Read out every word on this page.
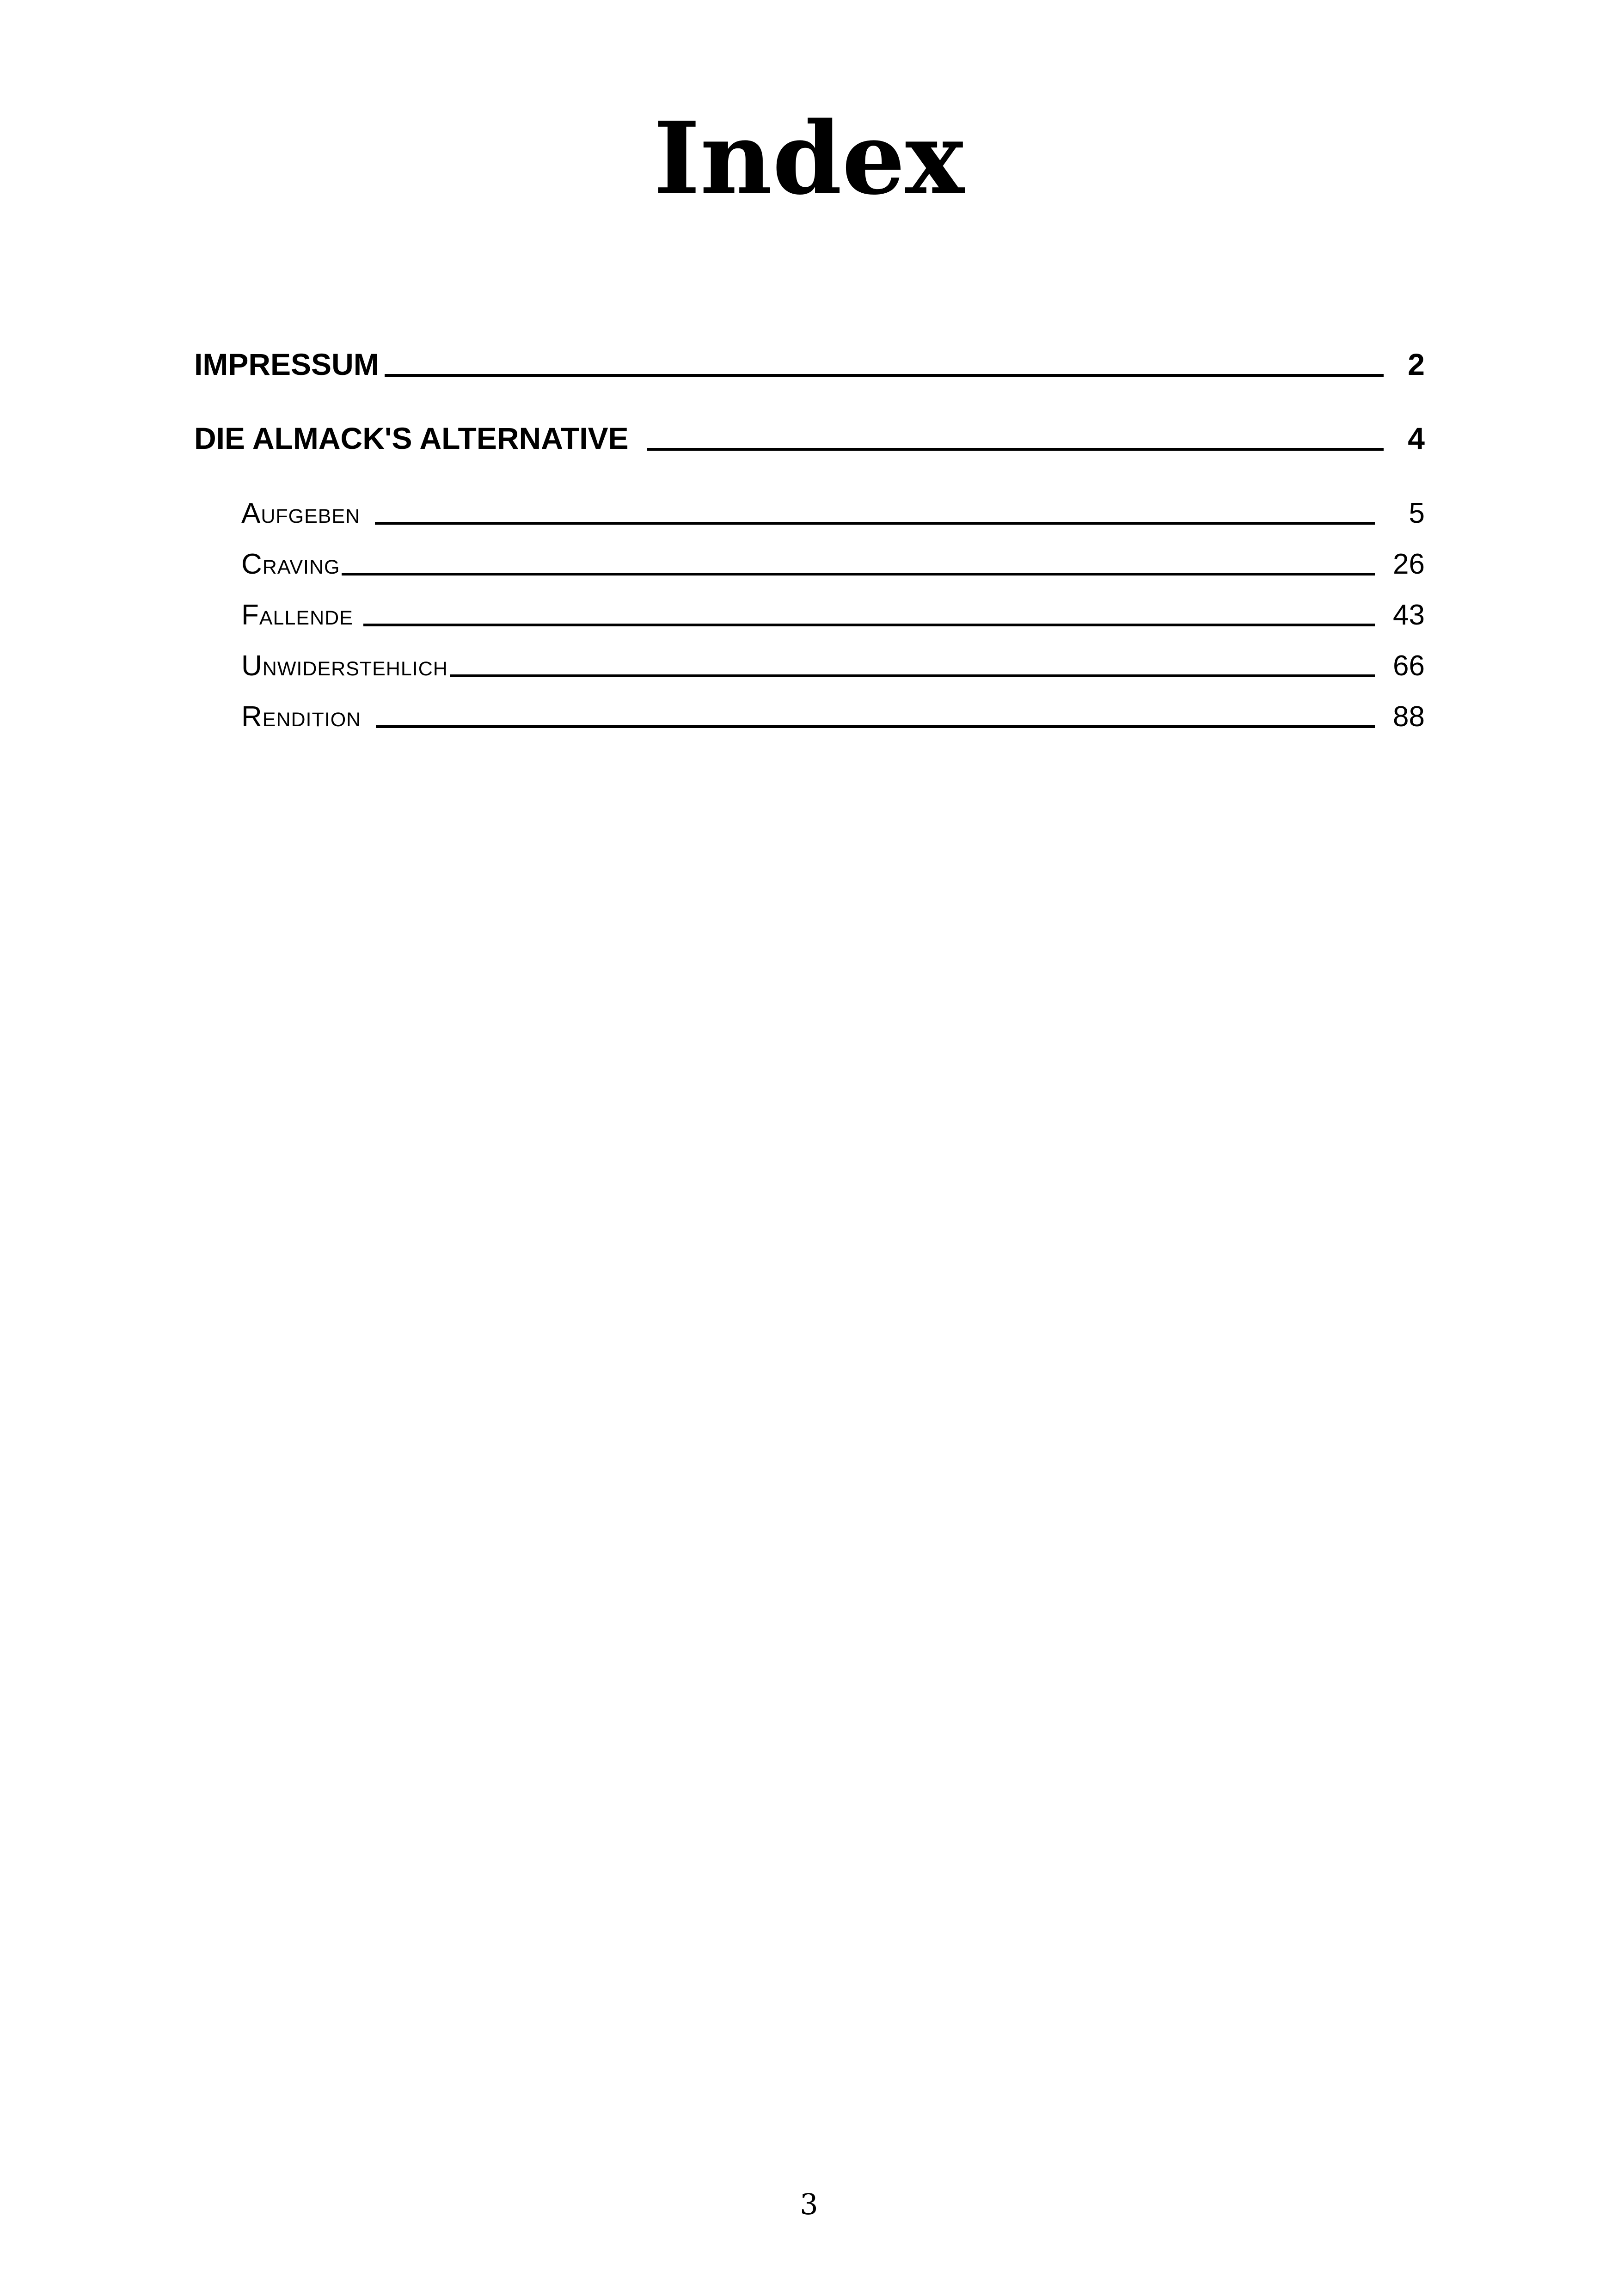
Index
IMPRESSUM	2
DIE ALMACK'S ALTERNATIVE	4
Aufgeben	5
Craving	26
Fallende	43
Unwiderstehlich	66
Rendition	88
3
